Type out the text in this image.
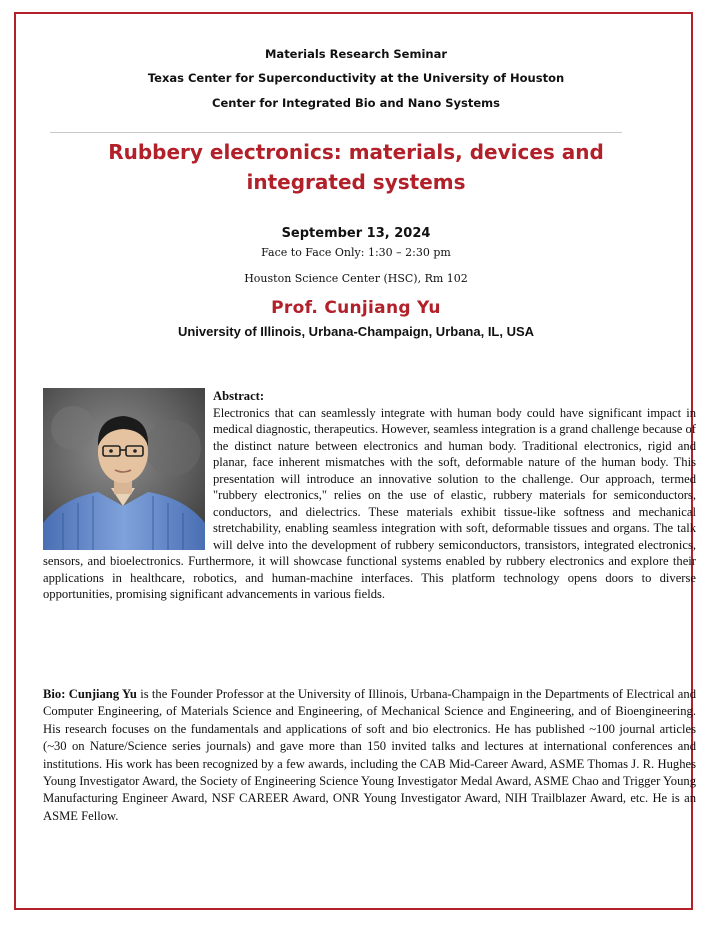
Materials Research Seminar
Texas Center for Superconductivity at the University of Houston
Center for Integrated Bio and Nano Systems
Rubbery electronics: materials, devices and integrated systems
September 13, 2024
Face to Face Only: 1:30 – 2:30 pm
Houston Science Center (HSC), Rm 102
Prof. Cunjiang Yu
University of Illinois, Urbana-Champaign, Urbana, IL, USA
Abstract:
Electronics that can seamlessly integrate with human body could have significant impact in medical diagnostic, therapeutics. However, seamless integration is a grand challenge because of the distinct nature between electronics and human body. Traditional electronics, rigid and planar, face inherent mismatches with the soft, deformable nature of the human body. This presentation will introduce an innovative solution to the challenge. Our approach, termed "rubbery electronics," relies on the use of elastic, rubbery materials for semiconductors, conductors, and dielectrics. These materials exhibit tissue-like softness and mechanical stretchability, enabling seamless integration with soft, deformable tissues and organs. The talk will delve into the development of rubbery semiconductors, transistors, integrated electronics, sensors, and bioelectronics. Furthermore, it will showcase functional systems enabled by rubbery electronics and explore their applications in healthcare, robotics, and human-machine interfaces. This platform technology opens doors to diverse opportunities, promising significant advancements in various fields.

Bio: Cunjiang Yu is the Founder Professor at the University of Illinois, Urbana-Champaign in the Departments of Electrical and Computer Engineering, of Materials Science and Engineering, of Mechanical Science and Engineering, and of Bioengineering. His research focuses on the fundamentals and applications of soft and bio electronics. He has published ~100 journal articles (~30 on Nature/Science series journals) and gave more than 150 invited talks and lectures at international conferences and institutions. His work has been recognized by a few awards, including the CAB Mid-Career Award, ASME Thomas J. R. Hughes Young Investigator Award, the Society of Engineering Science Young Investigator Medal Award, ASME Chao and Trigger Young Manufacturing Engineer Award, NSF CAREER Award, ONR Young Investigator Award, NIH Trailblazer Award, etc. He is an ASME Fellow.
